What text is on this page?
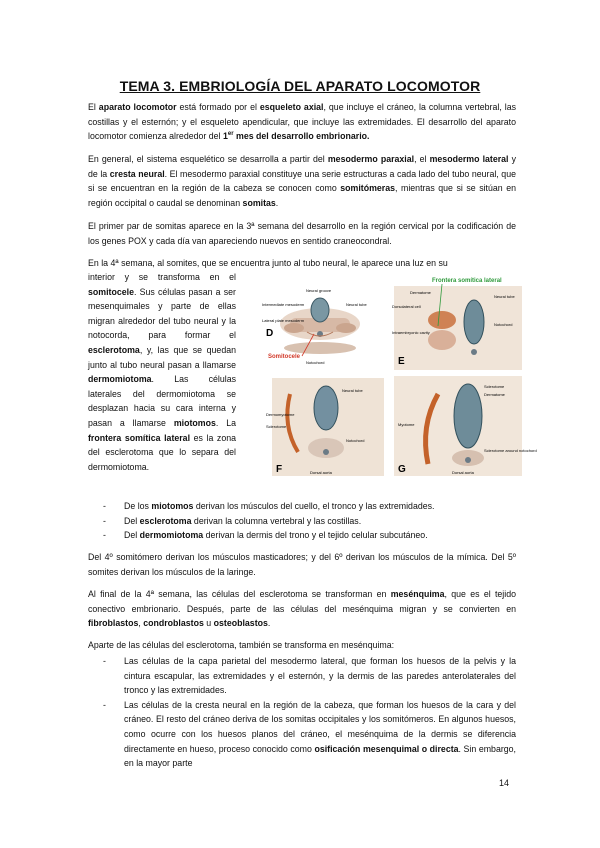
TEMA 3. EMBRIOLOGÍA DEL APARATO LOCOMOTOR
El aparato locomotor está formado por el esqueleto axial, que incluye el cráneo, la columna vertebral, las costillas y el esternón; y el esqueleto apendicular, que incluye las extremidades. El desarrollo del aparato locomotor comienza alrededor del 1er mes del desarrollo embrionario.
En general, el sistema esquelético se desarrolla a partir del mesodermo paraxial, el mesodermo lateral y de la cresta neural. El mesodermo paraxial constituye una serie estructuras a cada lado del tubo neural, que si se encuentran en la región de la cabeza se conocen como somitómeras, mientras que si se sitúan en región occipital o caudal se denominan somitas.
El primer par de somitas aparece en la 3ª semana del desarrollo en la región cervical por la codificación de los genes POX y cada día van apareciendo nuevos en sentido craneocondral.
En la 4ª semana, al somites, que se encuentra junto al tubo neural, le aparece una luz en su
interior y se transforma en el somitocele. Sus células pasan a ser mesenquimales y parte de ellas migran alrededor del tubo neural y la notocorda, para formar el esclerotoma, y, las que se quedan junto al tubo neural pasan a llamarse dermomiotoma. Las células laterales del dermomiotoma se desplazan hacia su cara interna y pasan a llamarse miotomos. La frontera somítica lateral es la zona del esclerotoma que lo separa del dermomiotoma.
D
Neural groove
Intermediate mesoderm
Lateral plate mesoderm
Neural tube
Notochord
Somitocele
Frontera somítica lateral
E
Dermatome
Dorsolateral cell
Intraembryonic cavity
Neural tube
Notochord
F
Dermomyotome
Sclerotome
Neural tube
Notochord
Dorsal aorta	G
Sclerotome
Dermatome
Myotome
Sclerotome around notochord
Dorsal aorta
- De los miotomos derivan los músculos del cuello, el tronco y las extremidades.
- Del esclerotoma derivan la columna vertebral y las costillas.
- Del dermomiotoma derivan la dermis del trono y el tejido celular subcutáneo.
Del 4º somitómero derivan los músculos masticadores; y del 6º derivan los músculos de la mímica. Del 5º somites derivan los músculos de la laringe.
Al final de la 4ª semana, las células del esclerotoma se transforman en mesénquima, que es el tejido conectivo embrionario. Después, parte de las células del mesénquima migran y se convierten en fibroblastos, condroblastos u osteoblastos.
Aparte de las células del esclerotoma, también se transforma en mesénquima:
- Las células de la capa parietal del mesodermo lateral, que forman los huesos de la pelvis y la cintura escapular, las extremidades y el esternón, y la dermis de las paredes anterolaterales del tronco y las extremidades.
- Las células de la cresta neural en la región de la cabeza, que forman los huesos de la cara y del cráneo. El resto del cráneo deriva de los somitas occipitales y los somitómeros. En algunos huesos, como ocurre con los huesos planos del cráneo, el mesénquima de la dermis se diferencia directamente en hueso, proceso conocido como osificación mesenquimal o directa. Sin embargo, en la mayor parte
14
